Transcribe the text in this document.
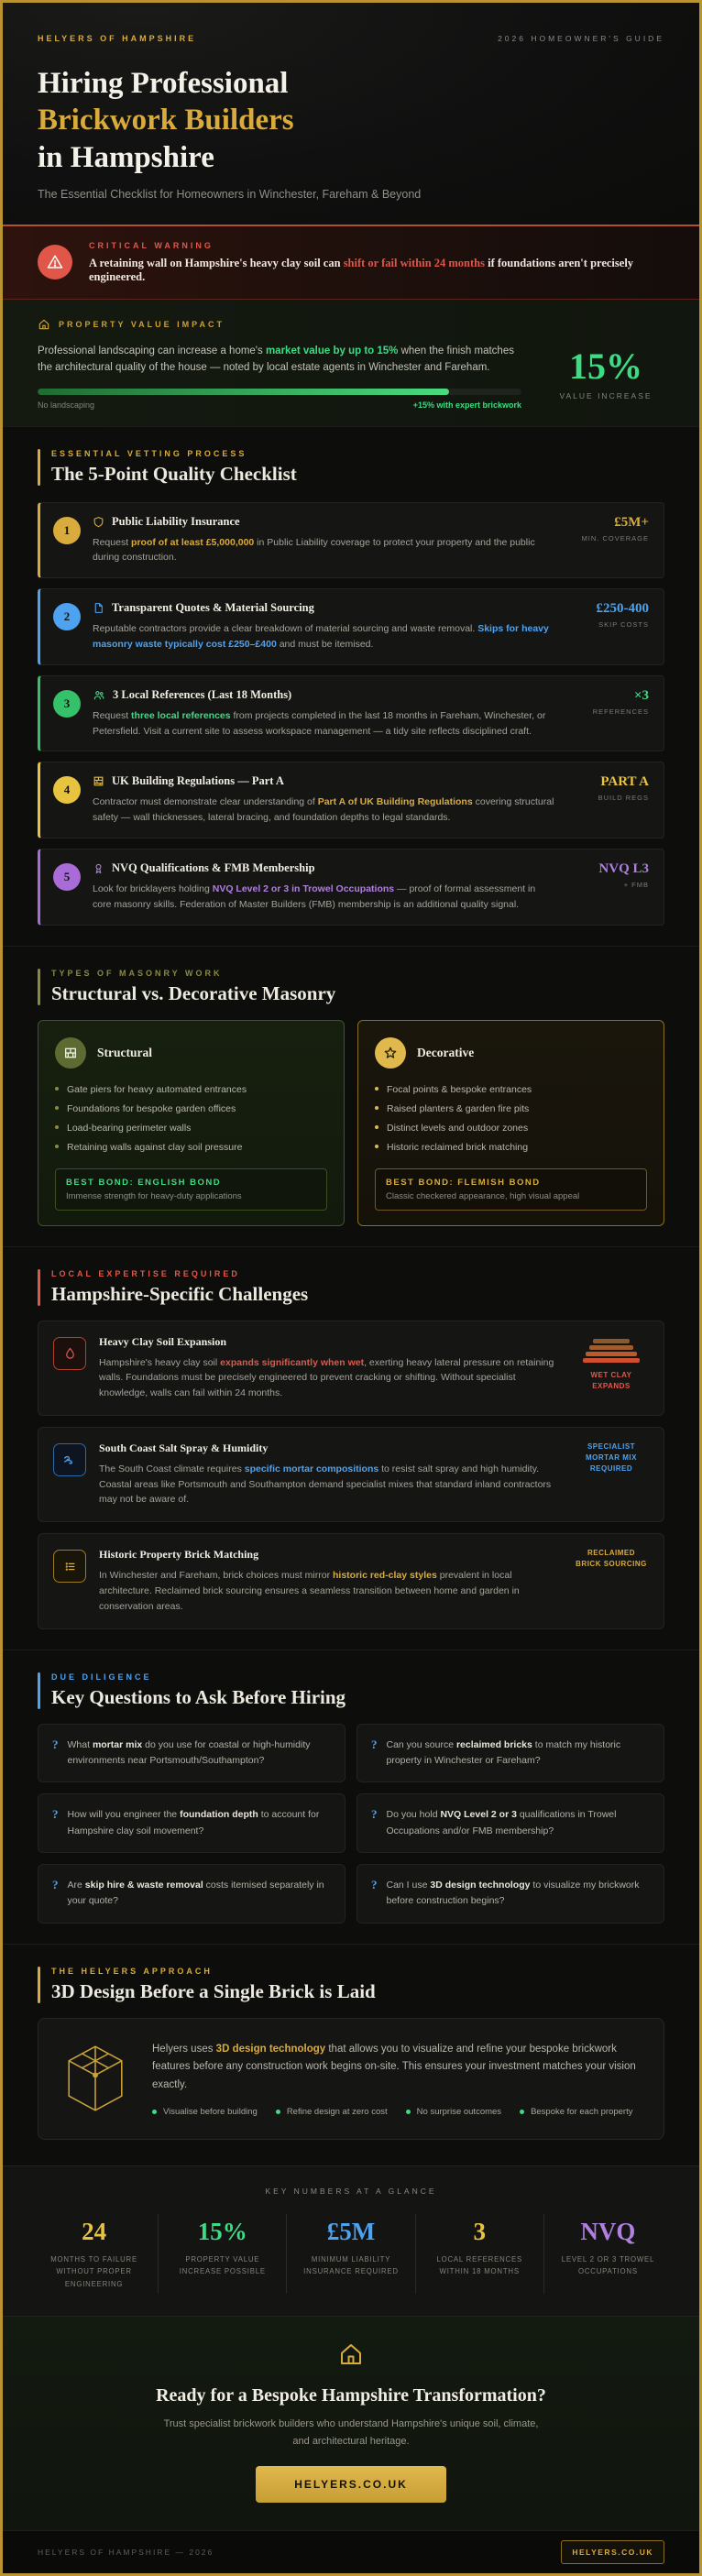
HELYERS OF HAMPSHIRE	2026 HOMEOWNER'S GUIDE
Hiring Professional
Brickwork Builders
in Hampshire

The Essential Checklist for Homeowners in Winchester, Fareham & Beyond

CRITICAL WARNING
A retaining wall on Hampshire's heavy clay soil can shift or fail within 24 months if foundations aren't precisely engineered.
PROPERTY VALUE IMPACT

Professional landscaping can increase a home's market value by up to 15% when the finish matches the architectural quality of the house — noted by local estate agents in Winchester and Fareham.

No landscaping	+15% with expert brickwork
15%
VALUE INCREASE
ESSENTIAL VETTING PROCESS
The 5-Point Quality Checklist
1
Public Liability Insurance

Request proof of at least £5,000,000 in Public Liability coverage to protect your property and the public during construction.

£5M+
MIN. COVERAGE
2
Transparent Quotes & Material Sourcing

Reputable contractors provide a clear breakdown of material sourcing and waste removal. Skips for heavy masonry waste typically cost £250–£400 and must be itemised.

£250-400
SKIP COSTS
3
3 Local References (Last 18 Months)

Request three local references from projects completed in the last 18 months in Fareham, Winchester, or Petersfield. Visit a current site to assess workspace management — a tidy site reflects disciplined craft.

×3
REFERENCES
4
UK Building Regulations — Part A

Contractor must demonstrate clear understanding of Part A of UK Building Regulations covering structural safety — wall thicknesses, lateral bracing, and foundation depths to legal standards.

PART A
BUILD REGS
5
NVQ Qualifications & FMB Membership

Look for bricklayers holding NVQ Level 2 or 3 in Trowel Occupations — proof of formal assessment in core masonry skills. Federation of Master Builders (FMB) membership is an additional quality signal.

NVQ L3
+ FMB
TYPES OF MASONRY WORK
Structural vs. Decorative Masonry
Structural
Gate piers for heavy automated entrances
Foundations for bespoke garden offices
Load-bearing perimeter walls
Retaining walls against clay soil pressure
BEST BOND: ENGLISH BOND
Immense strength for heavy-duty applications
Decorative
Focal points & bespoke entrances
Raised planters & garden fire pits
Distinct levels and outdoor zones
Historic reclaimed brick matching
BEST BOND: FLEMISH BOND
Classic checkered appearance, high visual appeal
LOCAL EXPERTISE REQUIRED
Hampshire-Specific Challenges
Heavy Clay Soil Expansion

Hampshire's heavy clay soil expands significantly when wet, exerting heavy lateral pressure on retaining walls. Foundations must be precisely engineered to prevent cracking or shifting. Without specialist knowledge, walls can fail within 24 months.

WET CLAY EXPANDS
South Coast Salt Spray & Humidity

The South Coast climate requires specific mortar compositions to resist salt spray and high humidity. Coastal areas like Portsmouth and Southampton demand specialist mixes that standard inland contractors may not be aware of.

SPECIALIST MORTAR MIX REQUIRED
Historic Property Brick Matching

In Winchester and Fareham, brick choices must mirror historic red-clay styles prevalent in local architecture. Reclaimed brick sourcing ensures a seamless transition between home and garden in conservation areas.

RECLAIMED BRICK SOURCING
DUE DILIGENCE
Key Questions to Ask Before Hiring
?
What mortar mix do you use for coastal or high-humidity environments near Portsmouth/Southampton?
?
Can you source reclaimed bricks to match my historic property in Winchester or Fareham?
?
How will you engineer the foundation depth to account for Hampshire clay soil movement?
?
Do you hold NVQ Level 2 or 3 qualifications in Trowel Occupations and/or FMB membership?
?
Are skip hire & waste removal costs itemised separately in your quote?
?
Can I use 3D design technology to visualize my brickwork before construction begins?
THE HELYERS APPROACH
3D Design Before a Single Brick is Laid

Helyers uses 3D design technology that allows you to visualize and refine your bespoke brickwork features before any construction work begins on-site. This ensures your investment matches your vision exactly.

Visualise before building	Refine design at zero cost	No surprise outcomes	Bespoke for each property
KEY NUMBERS AT A GLANCE
24
MONTHS TO FAILURE WITHOUT PROPER ENGINEERING
15%
PROPERTY VALUE INCREASE POSSIBLE
£5M
MINIMUM LIABILITY INSURANCE REQUIRED
3
LOCAL REFERENCES WITHIN 18 MONTHS
NVQ
LEVEL 2 OR 3 TROWEL OCCUPATIONS
Ready for a Bespoke Hampshire Transformation?

Trust specialist brickwork builders who understand Hampshire's unique soil, climate, and architectural heritage.

HELYERS.CO.UK
HELYERS OF HAMPSHIRE — 2026	HELYERS.CO.UK
